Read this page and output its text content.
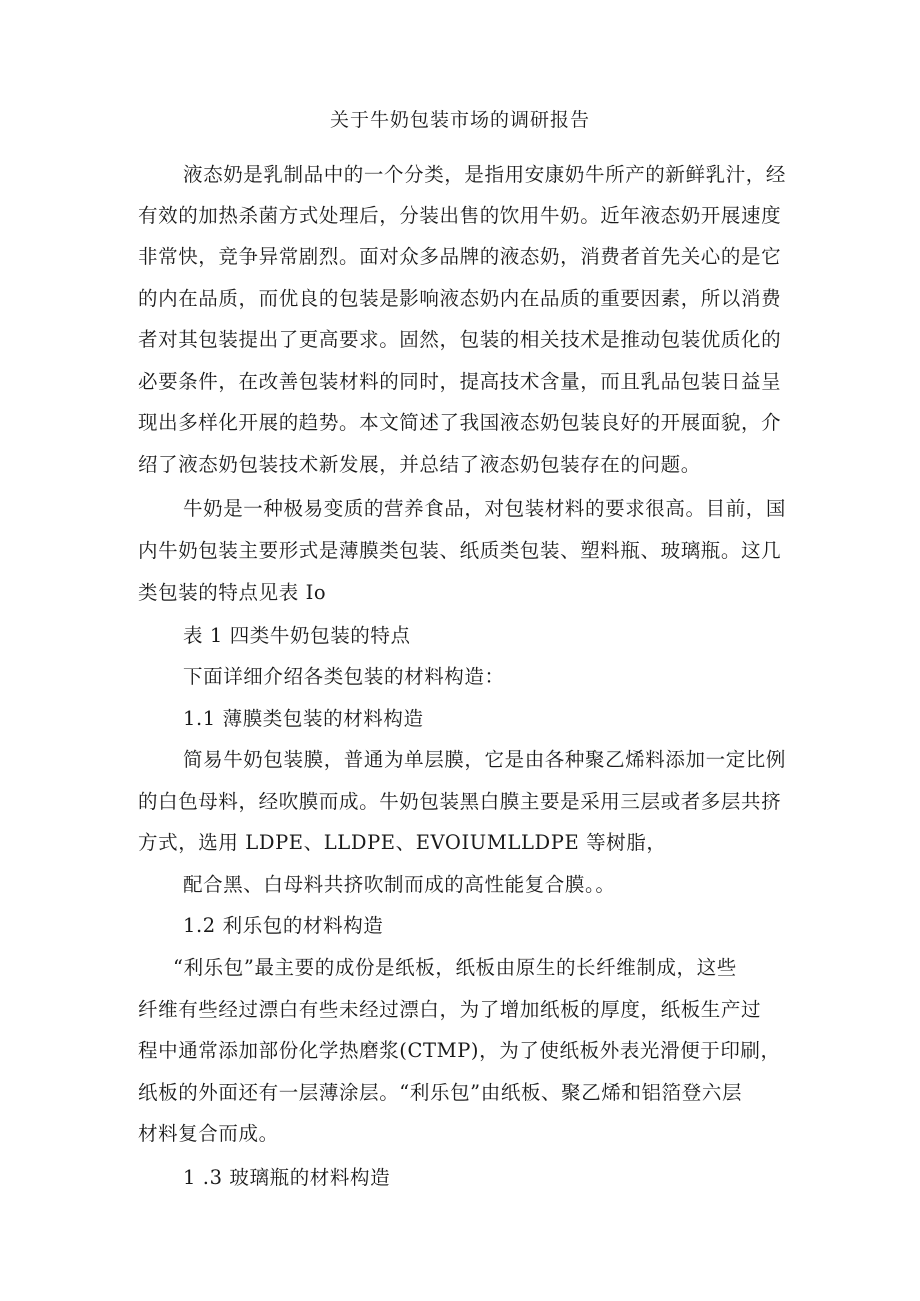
关于牛奶包装市场的调研报告
液态奶是乳制品中的一个分类，是指用安康奶牛所产的新鲜乳汁，经
有效的加热杀菌方式处理后，分装出售的饮用牛奶。近年液态奶开展速度
非常快，竞争异常剧烈。面对众多品牌的液态奶，消费者首先关心的是它
的内在品质，而优良的包装是影响液态奶内在品质的重要因素，所以消费
者对其包装提出了更高要求。固然，包装的相关技术是推动包装优质化的
必要条件，在改善包装材料的同时，提高技术含量，而且乳品包装日益呈
现出多样化开展的趋势。本文简述了我国液态奶包装良好的开展面貌，介
绍了液态奶包装技术新发展，并总结了液态奶包装存在的问题。
牛奶是一种极易变质的营养食品，对包装材料的要求很高。目前，国
内牛奶包装主要形式是薄膜类包装、纸质类包装、塑料瓶、玻璃瓶。这几
类包装的特点见表 Io
表 1 四类牛奶包装的特点
下面详细介绍各类包装的材料构造：
1.1 薄膜类包装的材料构造
简易牛奶包装膜，普通为单层膜，它是由各种聚乙烯料添加一定比例
的白色母料，经吹膜而成。牛奶包装黑白膜主要是采用三层或者多层共挤
方式，选用 LDPE、LLDPE、EVOIUMLLDPE 等树脂，
配合黑、白母料共挤吹制而成的高性能复合膜。。
1.2 利乐包的材料构造
“利乐包”最主要的成份是纸板，纸板由原生的长纤维制成，这些
纤维有些经过漂白有些未经过漂白，为了增加纸板的厚度，纸板生产过
程中通常添加部份化学热磨浆(CTMP)，为了使纸板外表光滑便于印刷，
纸板的外面还有一层薄涂层。“利乐包”由纸板、聚乙烯和铝箔登六层
材料复合而成。
1 .3 玻璃瓶的材料构造
